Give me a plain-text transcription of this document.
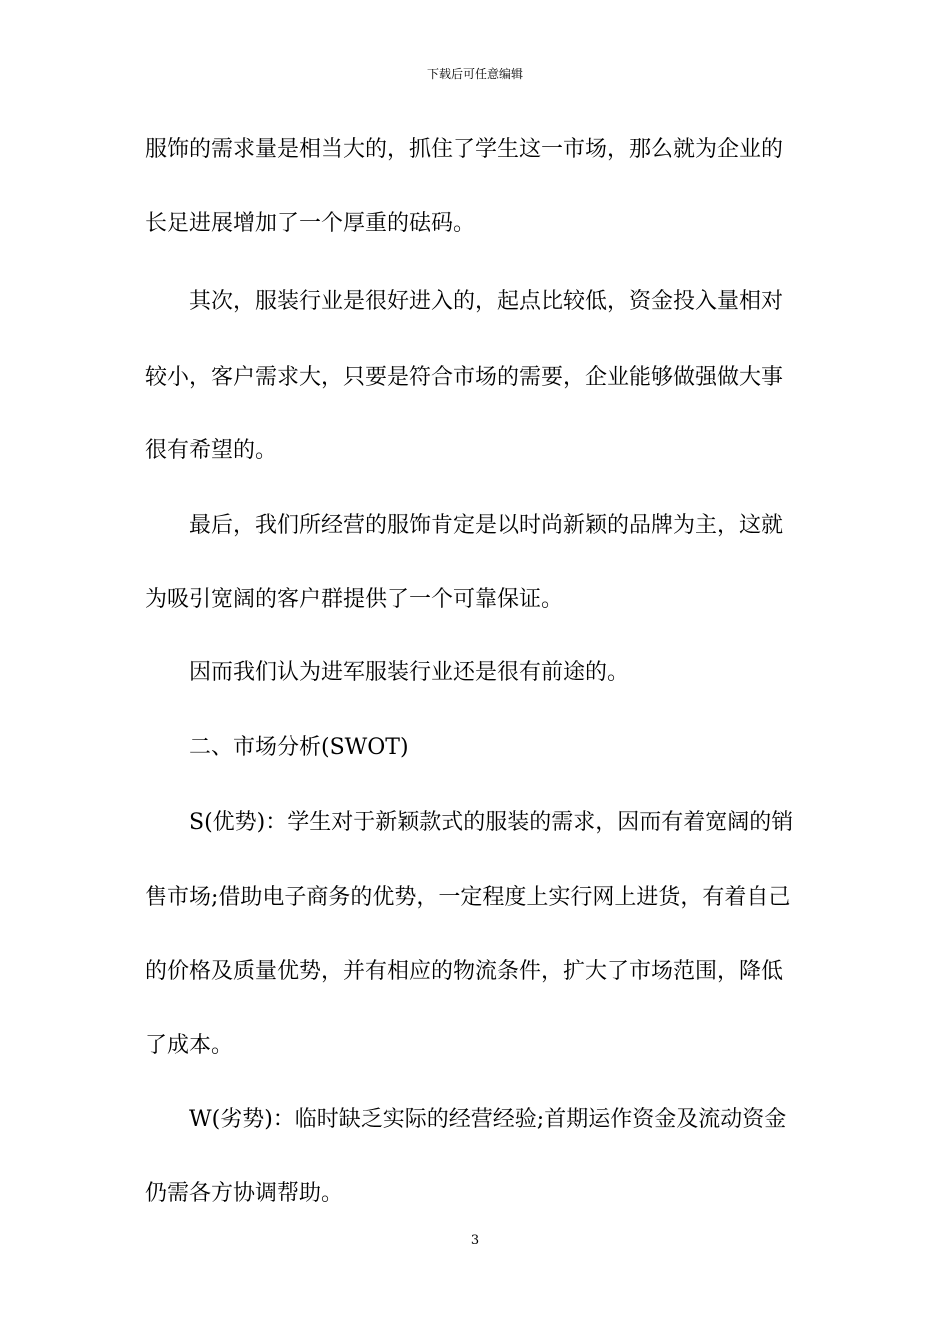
下载后可任意编辑
服饰的需求量是相当大的，抓住了学生这一市场，那么就为企业的
长足进展增加了一个厚重的砝码。
其次，服装行业是很好进入的，起点比较低，资金投入量相对
较小，客户需求大，只要是符合市场的需要，企业能够做强做大事
很有希望的。
最后，我们所经营的服饰肯定是以时尚新颖的品牌为主，这就
为吸引宽阔的客户群提供了一个可靠保证。
因而我们认为进军服装行业还是很有前途的。
二、市场分析(SWOT)
S(优势)：学生对于新颖款式的服装的需求，因而有着宽阔的销
售市场;借助电子商务的优势，一定程度上实行网上进货，有着自己
的价格及质量优势，并有相应的物流条件，扩大了市场范围，降低
了成本。
W(劣势)：临时缺乏实际的经营经验;首期运作资金及流动资金
仍需各方协调帮助。
3
